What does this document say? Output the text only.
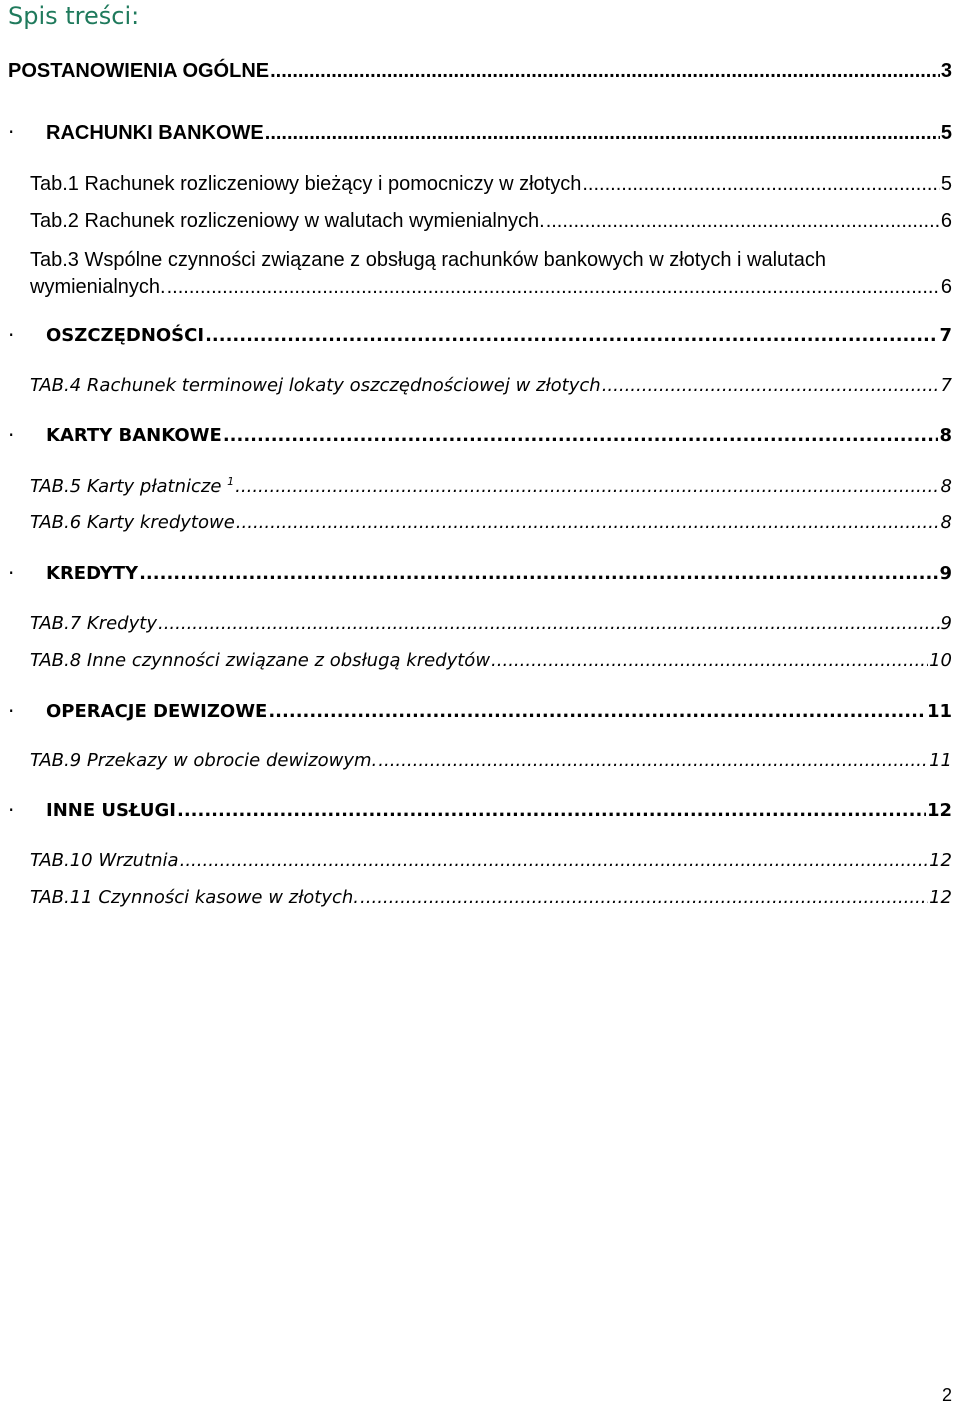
Spis treści:
POSTANOWIENIA OGÓLNE .....	3
· RACHUNKI BANKOWE .....	5
Tab.1 Rachunek rozliczeniowy bieżący i pomocniczy w złotych .....	5
Tab.2 Rachunek rozliczeniowy w walutach wymienialnych. .....	6
Tab.3 Wspólne czynności związane z obsługą rachunków bankowych w złotych i walutach
wymienialnych. .....	6
· OSZCZĘDNOŚCI .....	7
TAB.4 Rachunek terminowej lokaty oszczędnościowej w złotych .....	7
· KARTY BANKOWE .....	8
TAB.5 Karty płatnicze $^1$ .....	8
TAB.6 Karty kredytowe .....	8
· KREDYTY .....	9
TAB.7 Kredyty .....	9
TAB.8 Inne czynności związane z obsługą kredytów .....	10
· OPERACJE DEWIZOWE .....	11
TAB.9 Przekazy w obrocie dewizowym. .....	11
· INNE USŁUGI .....	12
TAB.10 Wrzutnia .....	12
TAB.11 Czynności kasowe w złotych. .....	12
2
